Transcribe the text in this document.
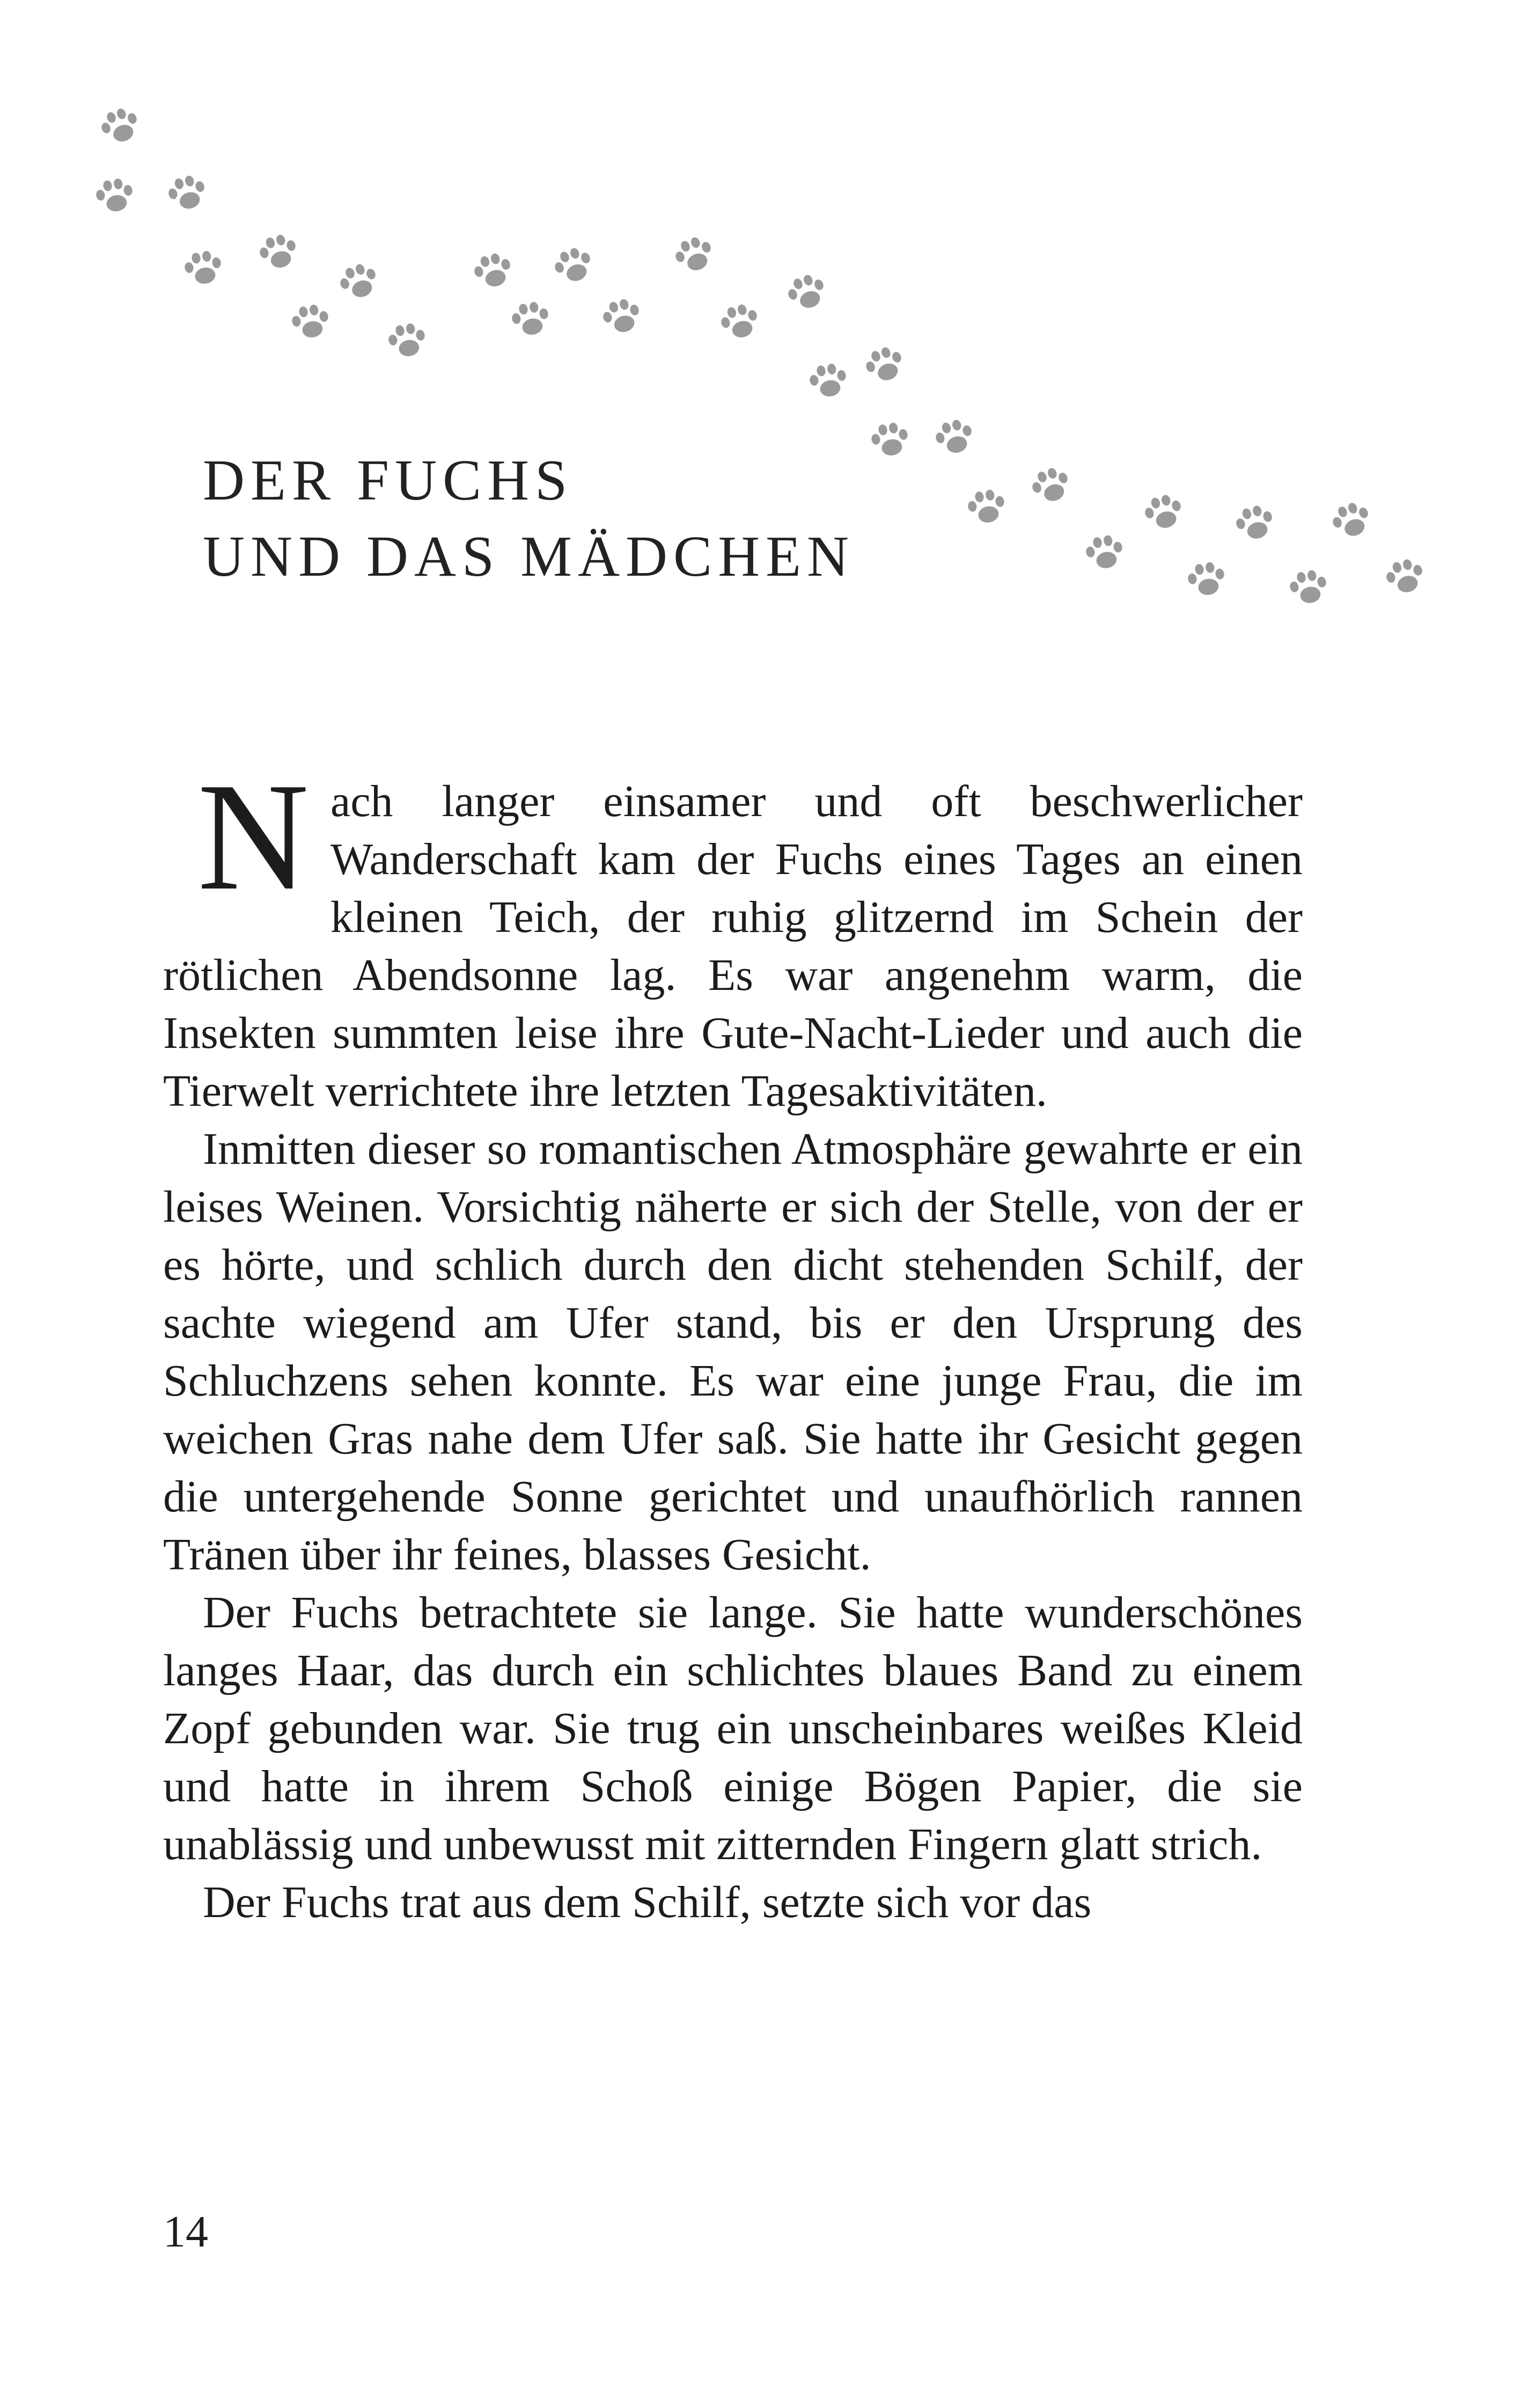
DER FUCHS
UND DAS MÄDCHEN

Nach langer einsamer und oft beschwerlicher Wanderschaft kam der Fuchs eines Tages an einen kleinen Teich, der ruhig glitzernd im Schein der rötlichen Abendsonne lag. Es war angenehm warm, die Insekten summten leise ihre Gute-Nacht-Lieder und auch die Tierwelt verrichtete ihre letzten Tagesaktivitäten.

Inmitten dieser so romantischen Atmosphäre gewahrte er ein leises Weinen. Vorsichtig näherte er sich der Stelle, von der er es hörte, und schlich durch den dicht stehenden Schilf, der sachte wiegend am Ufer stand, bis er den Ursprung des Schluchzens sehen konnte. Es war eine junge Frau, die im weichen Gras nahe dem Ufer saß. Sie hatte ihr Gesicht gegen die untergehende Sonne gerichtet und unaufhörlich rannen Tränen über ihr feines, blasses Gesicht.

Der Fuchs betrachtete sie lange. Sie hatte wunderschönes langes Haar, das durch ein schlichtes blaues Band zu einem Zopf gebunden war. Sie trug ein unscheinbares weißes Kleid und hatte in ihrem Schoß einige Bögen Papier, die sie unablässig und unbewusst mit zitternden Fingern glatt strich.

Der Fuchs trat aus dem Schilf, setzte sich vor das

14
